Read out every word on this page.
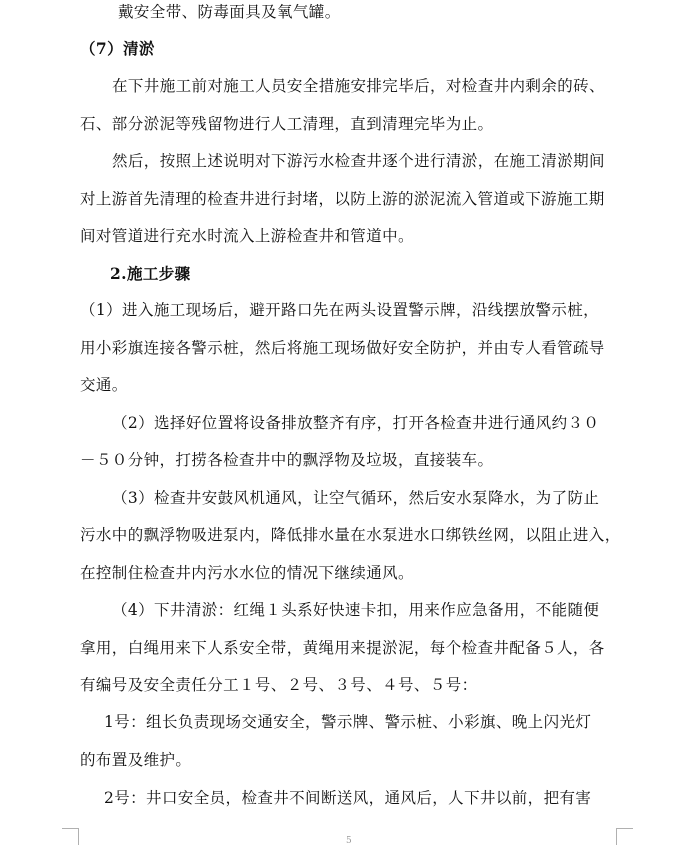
戴安全带、防毒面具及氧气罐。
（7）清淤
在下井施工前对施工人员安全措施安排完毕后，对检查井内剩余的砖、
石、部分淤泥等残留物进行人工清理，直到清理完毕为止。
然后，按照上述说明对下游污水检查井逐个进行清淤，在施工清淤期间
对上游首先清理的检查井进行封堵，以防上游的淤泥流入管道或下游施工期
间对管道进行充水时流入上游检查井和管道中。
2.施工步骤
（1）进入施工现场后，避开路口先在两头设置警示牌，沿线摆放警示桩，
用小彩旗连接各警示桩，然后将施工现场做好安全防护，并由专人看管疏导
交通。
（2）选择好位置将设备排放整齐有序，打开各检查井进行通风约３０
－５０分钟，打捞各检查井中的飘浮物及垃圾，直接装车。
（3）检查井安鼓风机通风，让空气循环，然后安水泵降水，为了防止
污水中的飘浮物吸进泵内，降低排水量在水泵进水口绑铁丝网，以阻止进入，
在控制住检查井内污水水位的情况下继续通风。
（4）下井清淤：红绳１头系好快速卡扣，用来作应急备用，不能随便
拿用，白绳用来下人系安全带，黄绳用来提淤泥，每个检查井配备５人，各
有编号及安全责任分工１号、２号、３号、４号、５号：
1号：组长负责现场交通安全，警示牌、警示桩、小彩旗、晚上闪光灯
的布置及维护。
2号：井口安全员，检查井不间断送风，通风后，人下井以前，把有害
5
